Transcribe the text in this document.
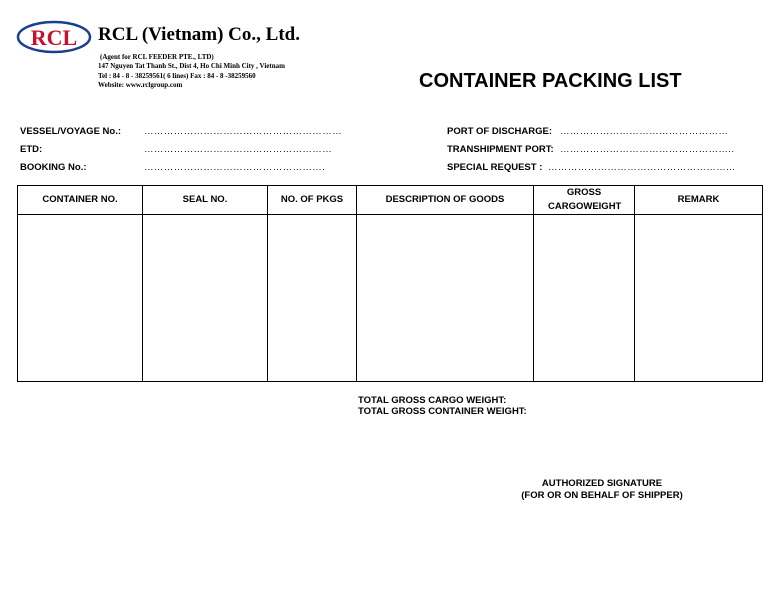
RCL RCL (Vietnam) Co., Ltd.
(Agent for RCL FEEDER PTE., LTD)
147 Nguyen Tat Thanh St., Dist 4, Ho Chi Minh City , Vietnam
Tel : 84 - 8 - 38259561( 6 lines) Fax : 84 - 8 -38259560
Website: www.rclgroup.com	CONTAINER PACKING LIST
VESSEL/VOYAGE No.: ……………………………………………………
ETD:	…………………………………………………
BOOKING No.:	……………………………………………….
PORT OF DISCHARGE: ……………………………………………
TRANSHIPMENT PORT: ……………………………………………..
SPECIAL REQUEST : ………………………………………………...
CONTAINER NO.	SEAL NO.	NO. OF PKGS	DESCRIPTION OF GOODS	GROSS CARGOWEIGHT	REMARK

TOTAL GROSS CARGO WEIGHT:
TOTAL GROSS CONTAINER WEIGHT:
AUTHORIZED SIGNATURE
(FOR OR ON BEHALF OF SHIPPER)
